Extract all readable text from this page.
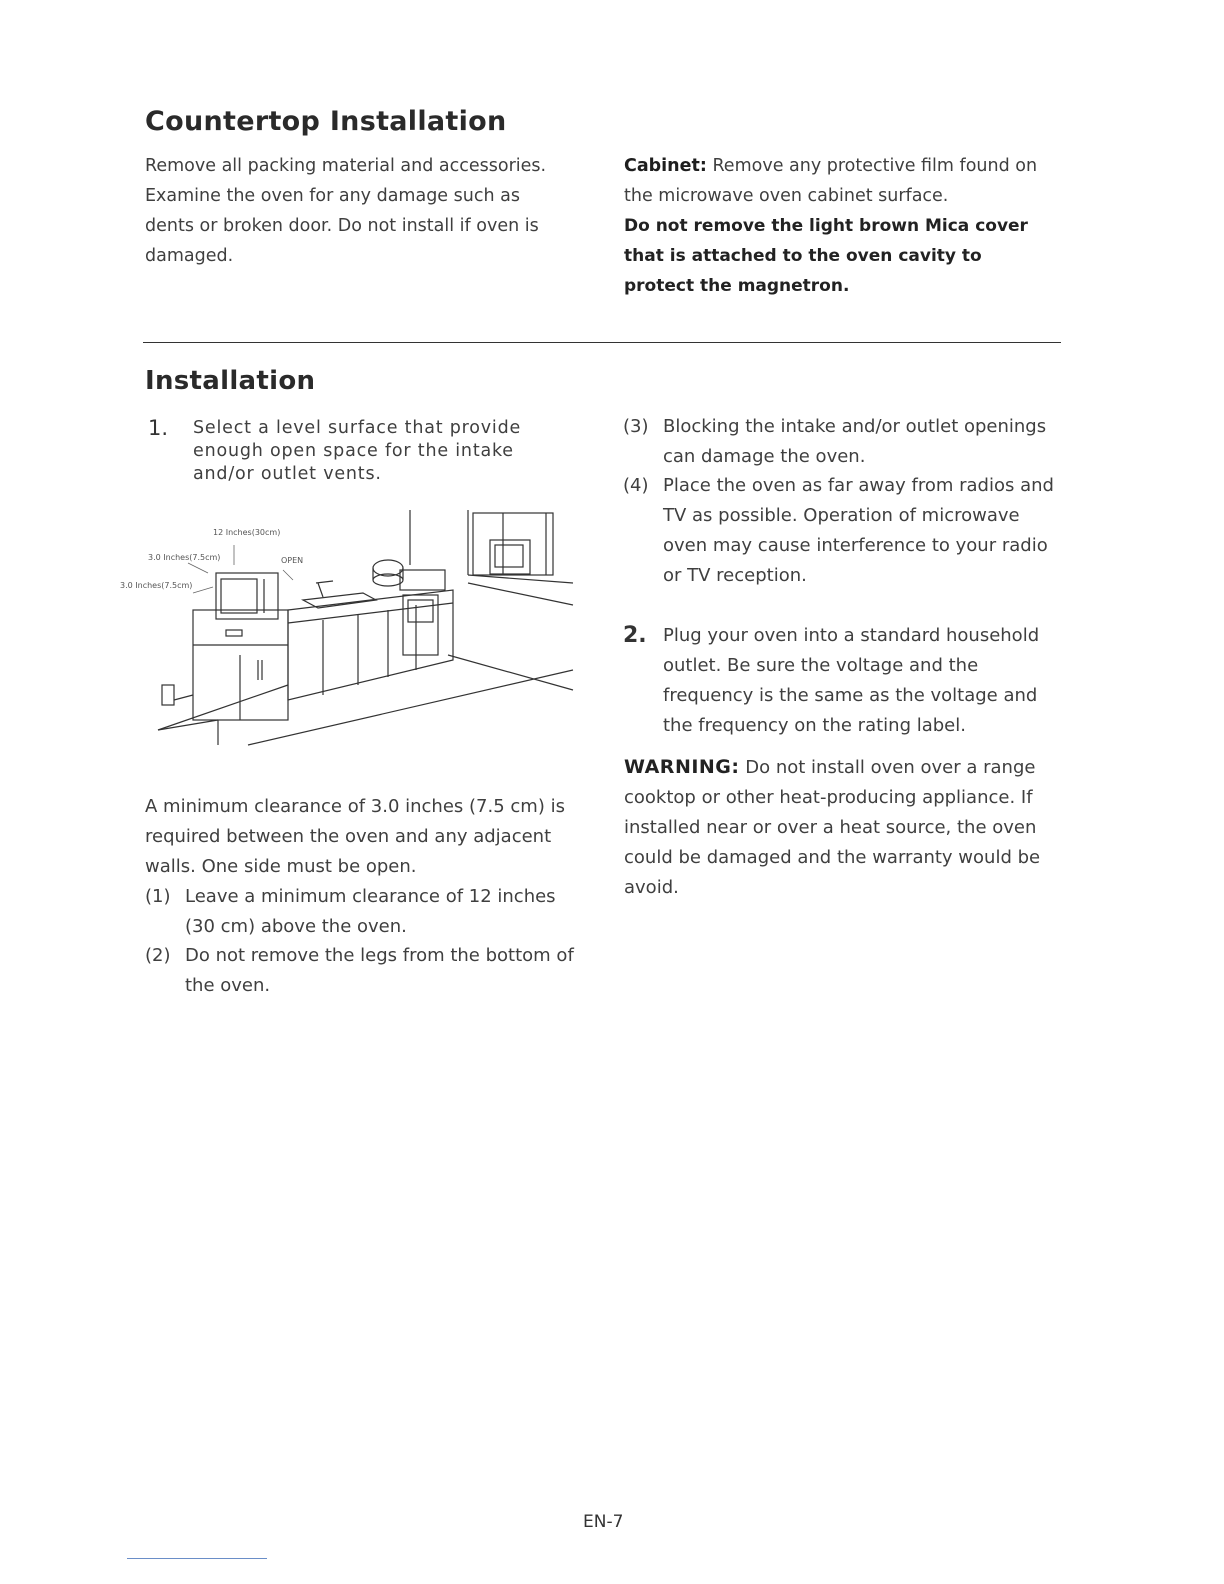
Countertop Installation
Remove all packing material and accessories. Examine the oven for any damage such as dents or broken door. Do not install if oven is damaged.
Cabinet: Remove any protective film found on the microwave oven cabinet surface.
Do not remove the light brown Mica cover that is attached to the oven cavity to protect the magnetron.
Installation
1. Select a level surface that provide enough open space for the intake and/or outlet vents.
12 Inches(30cm)
3.0 Inches(7.5cm)
3.0 Inches(7.5cm)
OPEN
A minimum clearance of 3.0 inches (7.5 cm) is required between the oven and any adjacent walls. One side must be open.
(1) Leave a minimum clearance of 12 inches (30 cm) above the oven.
(2) Do not remove the legs from the bottom of the oven.
(3) Blocking the intake and/or outlet openings can damage the oven.
(4) Place the oven as far away from radios and TV as possible. Operation of microwave oven may cause interference to your radio or TV reception.
2. Plug your oven into a standard household outlet. Be sure the voltage and the frequency is the same as the voltage and the frequency on the rating label.
WARNING: Do not install oven over a range cooktop or other heat-producing appliance. If installed near or over a heat source, the oven could be damaged and the warranty would be avoid.
EN-7
